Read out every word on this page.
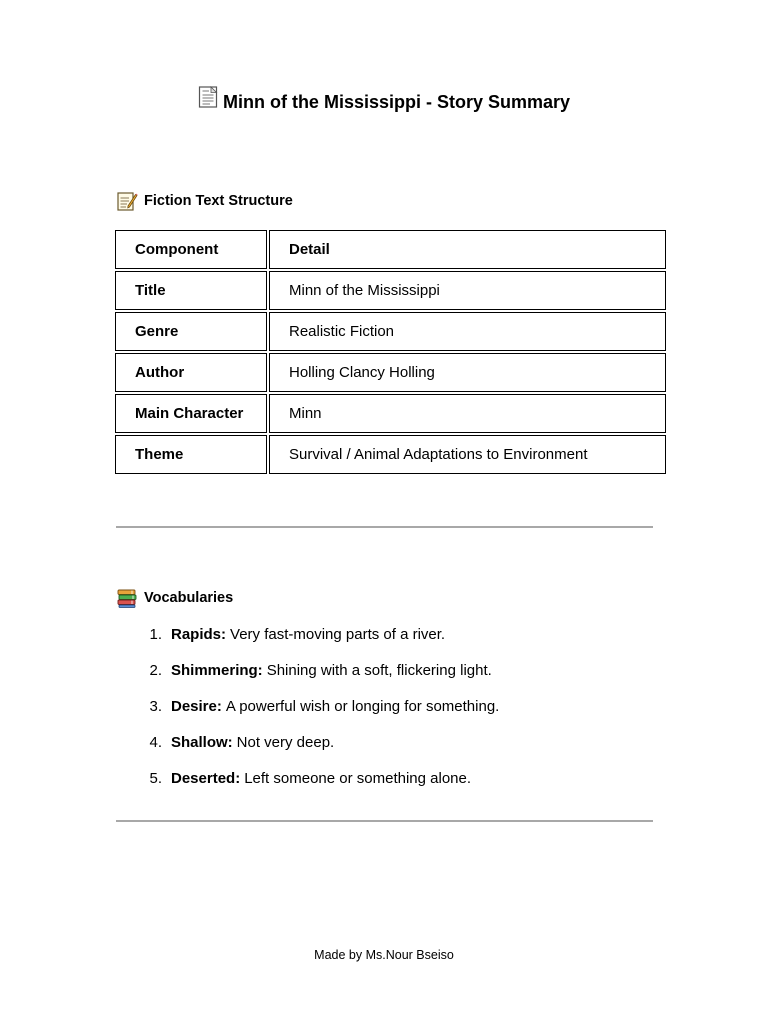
Minn of the Mississippi - Story Summary
Fiction Text Structure
Component	Detail
Title	Minn of the Mississippi
Genre	Realistic Fiction
Author	Holling Clancy Holling
Main Character	Minn
Theme	Survival / Animal Adaptations to Environment
Vocabularies
1. Rapids: Very fast-moving parts of a river.
2. Shimmering: Shining with a soft, flickering light.
3. Desire: A powerful wish or longing for something.
4. Shallow: Not very deep.
5. Deserted: Left someone or something alone.
Made by Ms.Nour Bseiso
